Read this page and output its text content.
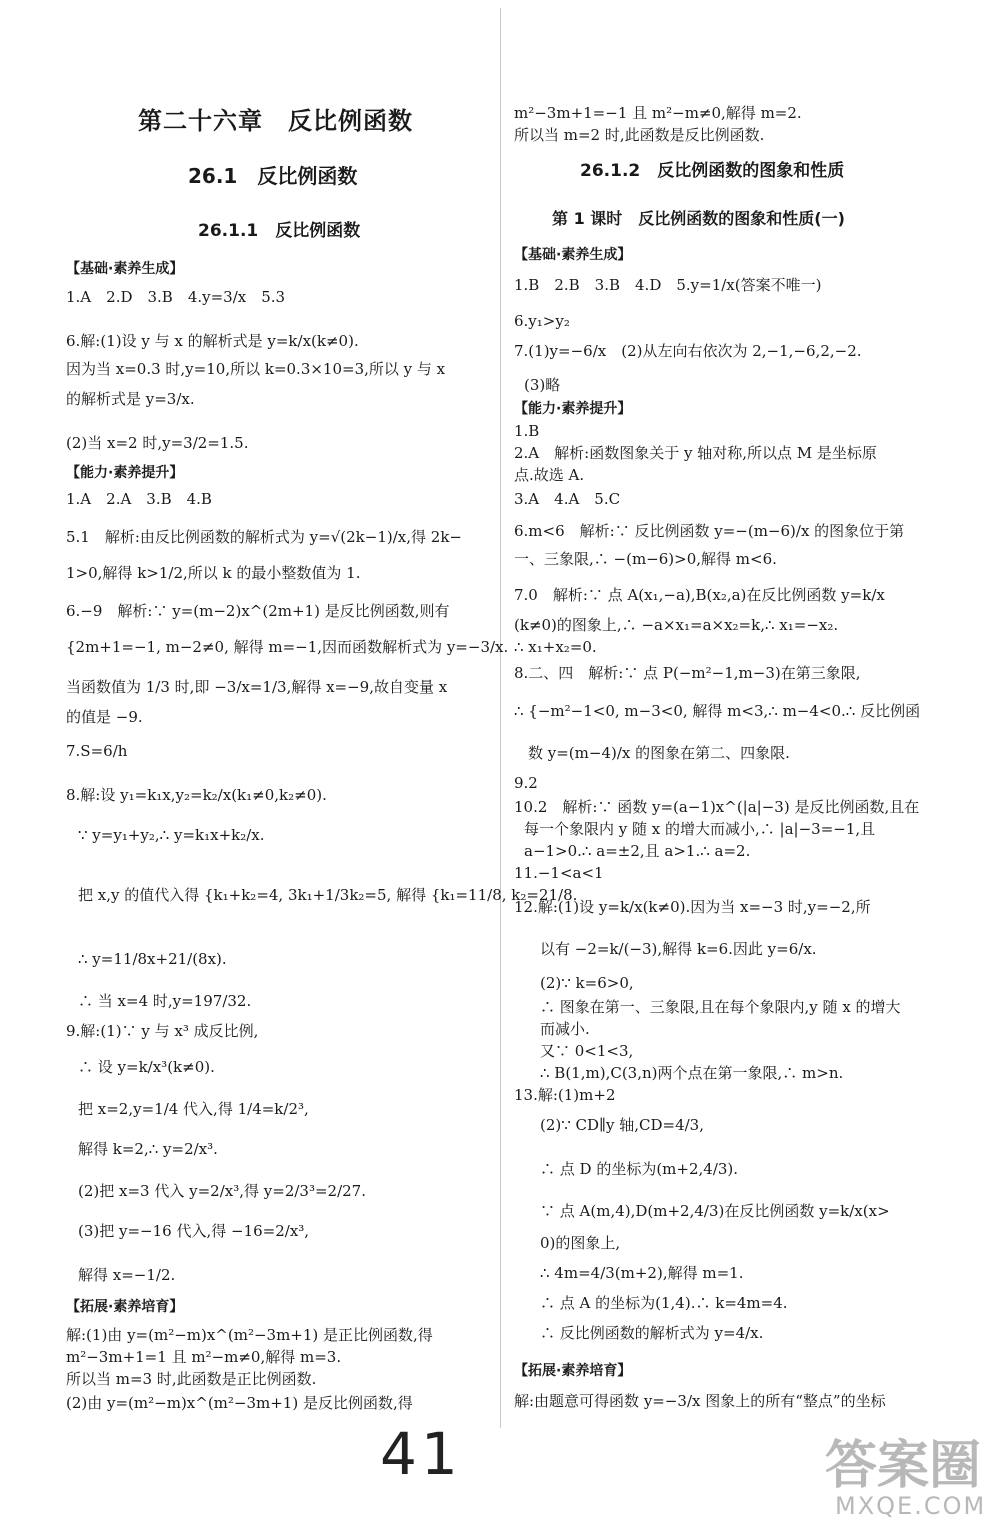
第二十六章　反比例函数
26.1　反比例函数
26.1.1　反比例函数
【基础·素养生成】
1.A　2.D　3.B　4.y=3/x　5.3
6.解:(1)设 y 与 x 的解析式是 y=k/x(k≠0).
因为当 x=0.3 时,y=10,所以 k=0.3×10=3,所以 y 与 x
的解析式是 y=3/x.
(2)当 x=2 时,y=3/2=1.5.
【能力·素养提升】
1.A　2.A　3.B　4.B
5.1　解析:由反比例函数的解析式为 y=√(2k−1)/x,得 2k−
1>0,解得 k>1/2,所以 k 的最小整数值为 1.
6.−9　解析:∵ y=(m−2)x^(2m+1) 是反比例函数,则有
{2m+1=−1, m−2≠0, 解得 m=−1,因而函数解析式为 y=−3/x.
当函数值为 1/3 时,即 −3/x=1/3,解得 x=−9,故自变量 x
的值是 −9.
7.S=6/h
8.解:设 y₁=k₁x,y₂=k₂/x(k₁≠0,k₂≠0).
∵ y=y₁+y₂,∴ y=k₁x+k₂/x.
把 x,y 的值代入得 {k₁+k₂=4, 3k₁+1/3k₂=5, 解得 {k₁=11/8, k₂=21/8.
∴ y=11/8x+21/(8x).
∴ 当 x=4 时,y=197/32.
9.解:(1)∵ y 与 x³ 成反比例,
∴ 设 y=k/x³(k≠0).
把 x=2,y=1/4 代入,得 1/4=k/2³,
解得 k=2,∴ y=2/x³.
(2)把 x=3 代入 y=2/x³,得 y=2/3³=2/27.
(3)把 y=−16 代入,得 −16=2/x³,
解得 x=−1/2.
【拓展·素养培育】
解:(1)由 y=(m²−m)x^(m²−3m+1) 是正比例函数,得
m²−3m+1=1 且 m²−m≠0,解得 m=3.
所以当 m=3 时,此函数是正比例函数.
(2)由 y=(m²−m)x^(m²−3m+1) 是反比例函数,得
m²−3m+1=−1 且 m²−m≠0,解得 m=2.
所以当 m=2 时,此函数是反比例函数.
26.1.2　反比例函数的图象和性质
第 1 课时　反比例函数的图象和性质(一)
【基础·素养生成】
1.B　2.B　3.B　4.D　5.y=1/x(答案不唯一)
6.y₁>y₂
7.(1)y=−6/x　(2)从左向右依次为 2,−1,−6,2,−2.
(3)略
【能力·素养提升】
1.B
2.A　解析:函数图象关于 y 轴对称,所以点 M 是坐标原
点.故选 A.
3.A　4.A　5.C
6.m<6　解析:∵ 反比例函数 y=−(m−6)/x 的图象位于第
一、三象限,∴ −(m−6)>0,解得 m<6.
7.0　解析:∵ 点 A(x₁,−a),B(x₂,a)在反比例函数 y=k/x
(k≠0)的图象上,∴ −a×x₁=a×x₂=k,∴ x₁=−x₂.
∴ x₁+x₂=0.
8.二、四　解析:∵ 点 P(−m²−1,m−3)在第三象限,
∴ {−m²−1<0, m−3<0, 解得 m<3,∴ m−4<0.∴ 反比例函
数 y=(m−4)/x 的图象在第二、四象限.
9.2
10.2　解析:∵ 函数 y=(a−1)x^(|a|−3) 是反比例函数,且在
每一个象限内 y 随 x 的增大而减小,∴ |a|−3=−1,且
a−1>0.∴ a=±2,且 a>1.∴ a=2.
11.−1<a<1
12.解:(1)设 y=k/x(k≠0).因为当 x=−3 时,y=−2,所
以有 −2=k/(−3),解得 k=6.因此 y=6/x.
(2)∵ k=6>0,
∴ 图象在第一、三象限,且在每个象限内,y 随 x 的增大
而减小.
又∵ 0<1<3,
∴ B(1,m),C(3,n)两个点在第一象限,∴ m>n.
13.解:(1)m+2
(2)∵ CD∥y 轴,CD=4/3,
∴ 点 D 的坐标为(m+2,4/3).
∵ 点 A(m,4),D(m+2,4/3)在反比例函数 y=k/x(x>
0)的图象上,
∴ 4m=4/3(m+2),解得 m=1.
∴ 点 A 的坐标为(1,4).∴ k=4m=4.
∴ 反比例函数的解析式为 y=4/x.
【拓展·素养培育】
解:由题意可得函数 y=−3/x 图象上的所有“整点”的坐标
41	答案圈
MXQE.COM
